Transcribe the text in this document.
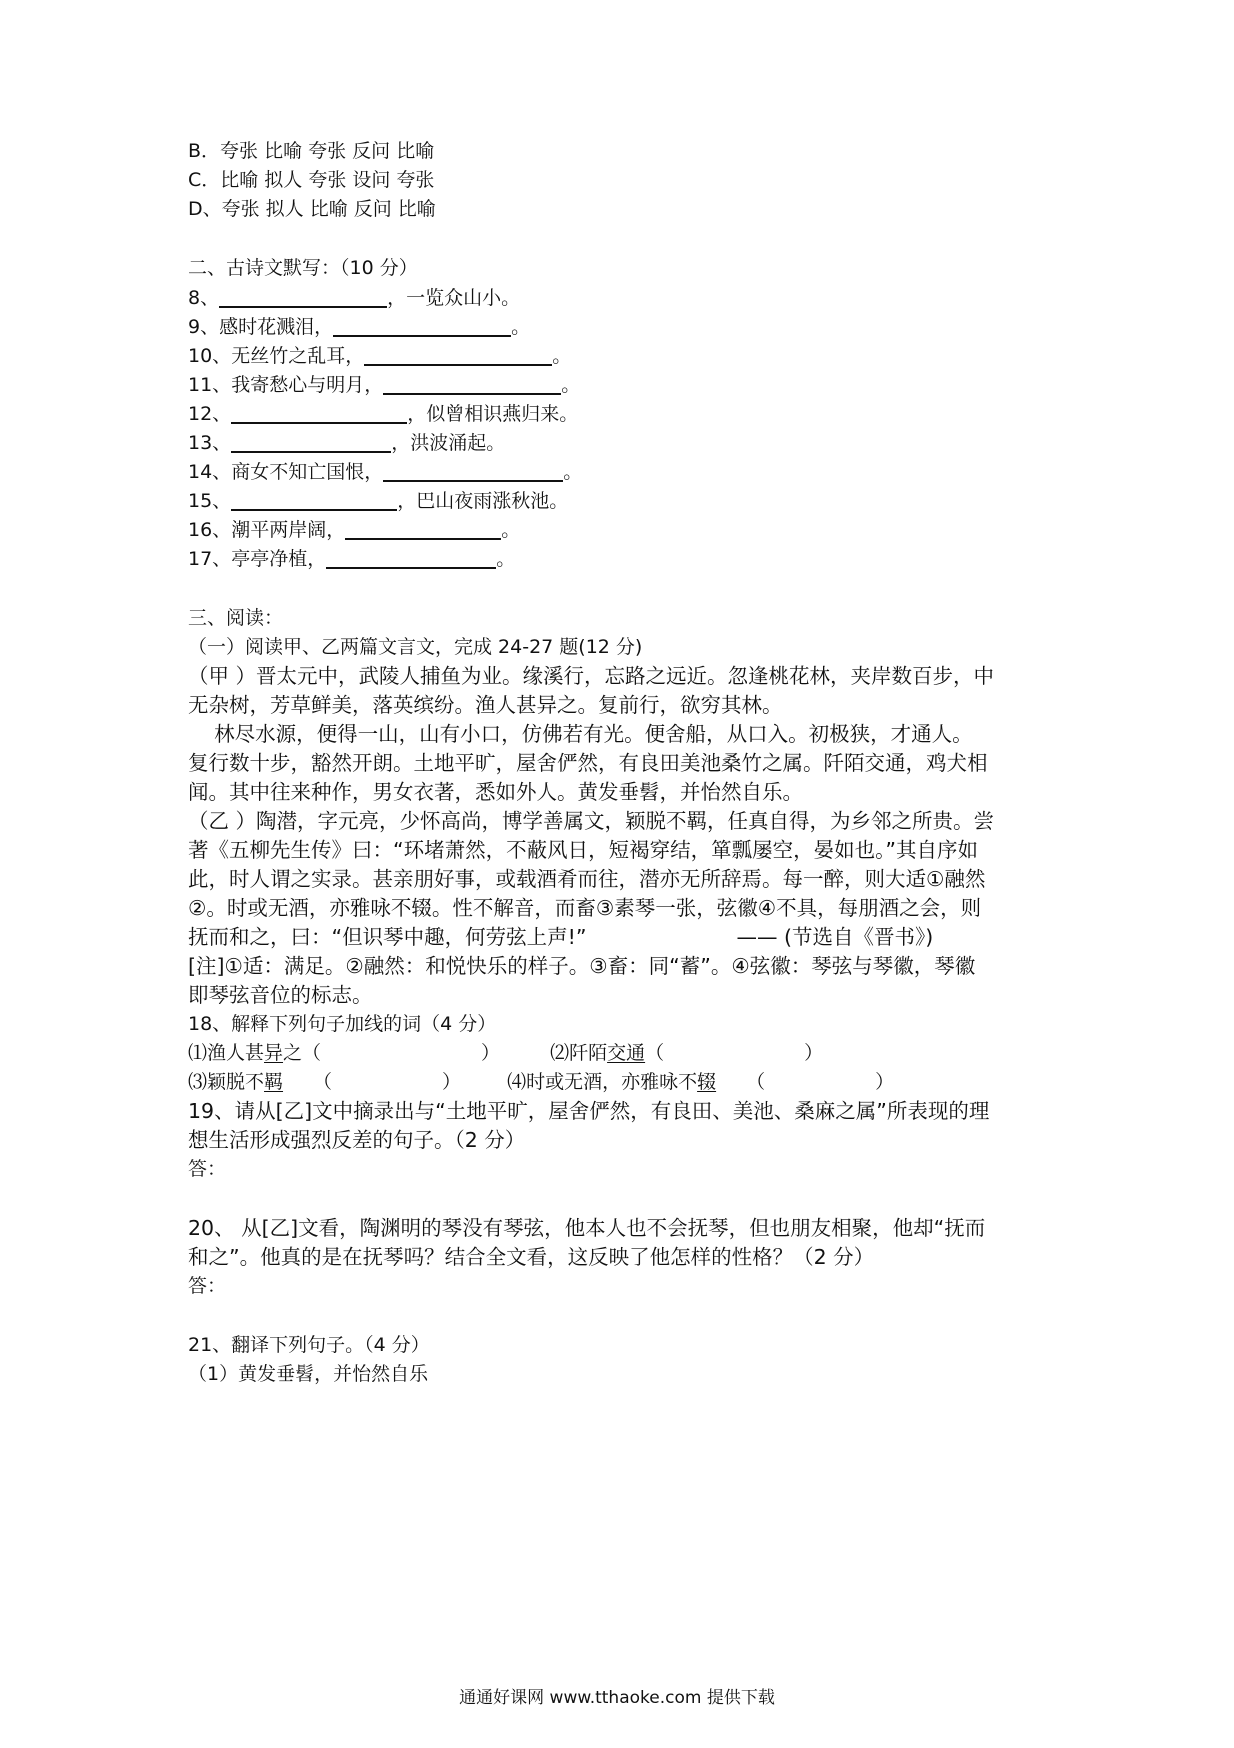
B．夸张 比喻 夸张 反问 比喻
C．比喻 拟人 夸张 设问 夸张
D、夸张 拟人 比喻 反问 比喻
二、古诗文默写：（10 分）
8、	，一览众山小。
9、感时花溅泪，	。
10、无丝竹之乱耳，	。
11、我寄愁心与明月，	。
12、	，似曾相识燕归来。
13、	，洪波涌起。
14、商女不知亡国恨，	。
15、	，巴山夜雨涨秋池。
16、潮平两岸阔，	。
17、亭亭净植，	。
三、阅读：
（一）阅读甲、乙两篇文言文，完成 24-27 题(12 分)
（甲 ）晋太元中，武陵人捕鱼为业。缘溪行，忘路之远近。忽逢桃花林，夹岸数百步，中
无杂树，芳草鲜美，落英缤纷。渔人甚异之。复前行，欲穷其林。
林尽水源，便得一山，山有小口，仿佛若有光。便舍船，从口入。初极狭，才通人。
复行数十步，豁然开朗。土地平旷，屋舍俨然，有良田美池桑竹之属。阡陌交通，鸡犬相
闻。其中往来种作，男女衣著，悉如外人。黄发垂髫，并怡然自乐。
（乙 ）陶潜，字元亮，少怀高尚，博学善属文，颖脱不羁，任真自得，为乡邻之所贵。尝
著《五柳先生传》曰：“环堵萧然，不蔽风日，短褐穿结，箪瓢屡空，晏如也。”其自序如
此，时人谓之实录。甚亲朋好事，或载酒肴而往，潜亦无所辞焉。每一醉，则大适①融然
②。时或无酒，亦雅咏不辍。性不解音，而畜③素琴一张，弦徽④不具，每朋酒之会，则
抚而和之，曰：“但识琴中趣，何劳弦上声!”	—— (节选自《晋书》)
[注]①适：满足。②融然：和悦快乐的样子。③畜：同“蓄”。④弦徽：琴弦与琴徽，琴徽
即琴弦音位的标志。
18、解释下列句子加线的词（4 分）
⑴渔人甚异之（	）	⑵阡陌交通（	）
⑶颖脱不羁 （	） ⑷时或无酒，亦雅咏不辍 （	）
19、请从[乙]文中摘录出与“土地平旷，屋舍俨然，有良田、美池、桑麻之属”所表现的理
想生活形成强烈反差的句子。（2 分）
答：
20、 从[乙]文看，陶渊明的琴没有琴弦，他本人也不会抚琴，但也朋友相聚，他却“抚而
和之”。他真的是在抚琴吗？结合全文看，这反映了他怎样的性格？（2 分）
答：
21、翻译下列句子。（4 分）
（1）黄发垂髫，并怡然自乐
通通好课网 www.tthaoke.com 提供下载
